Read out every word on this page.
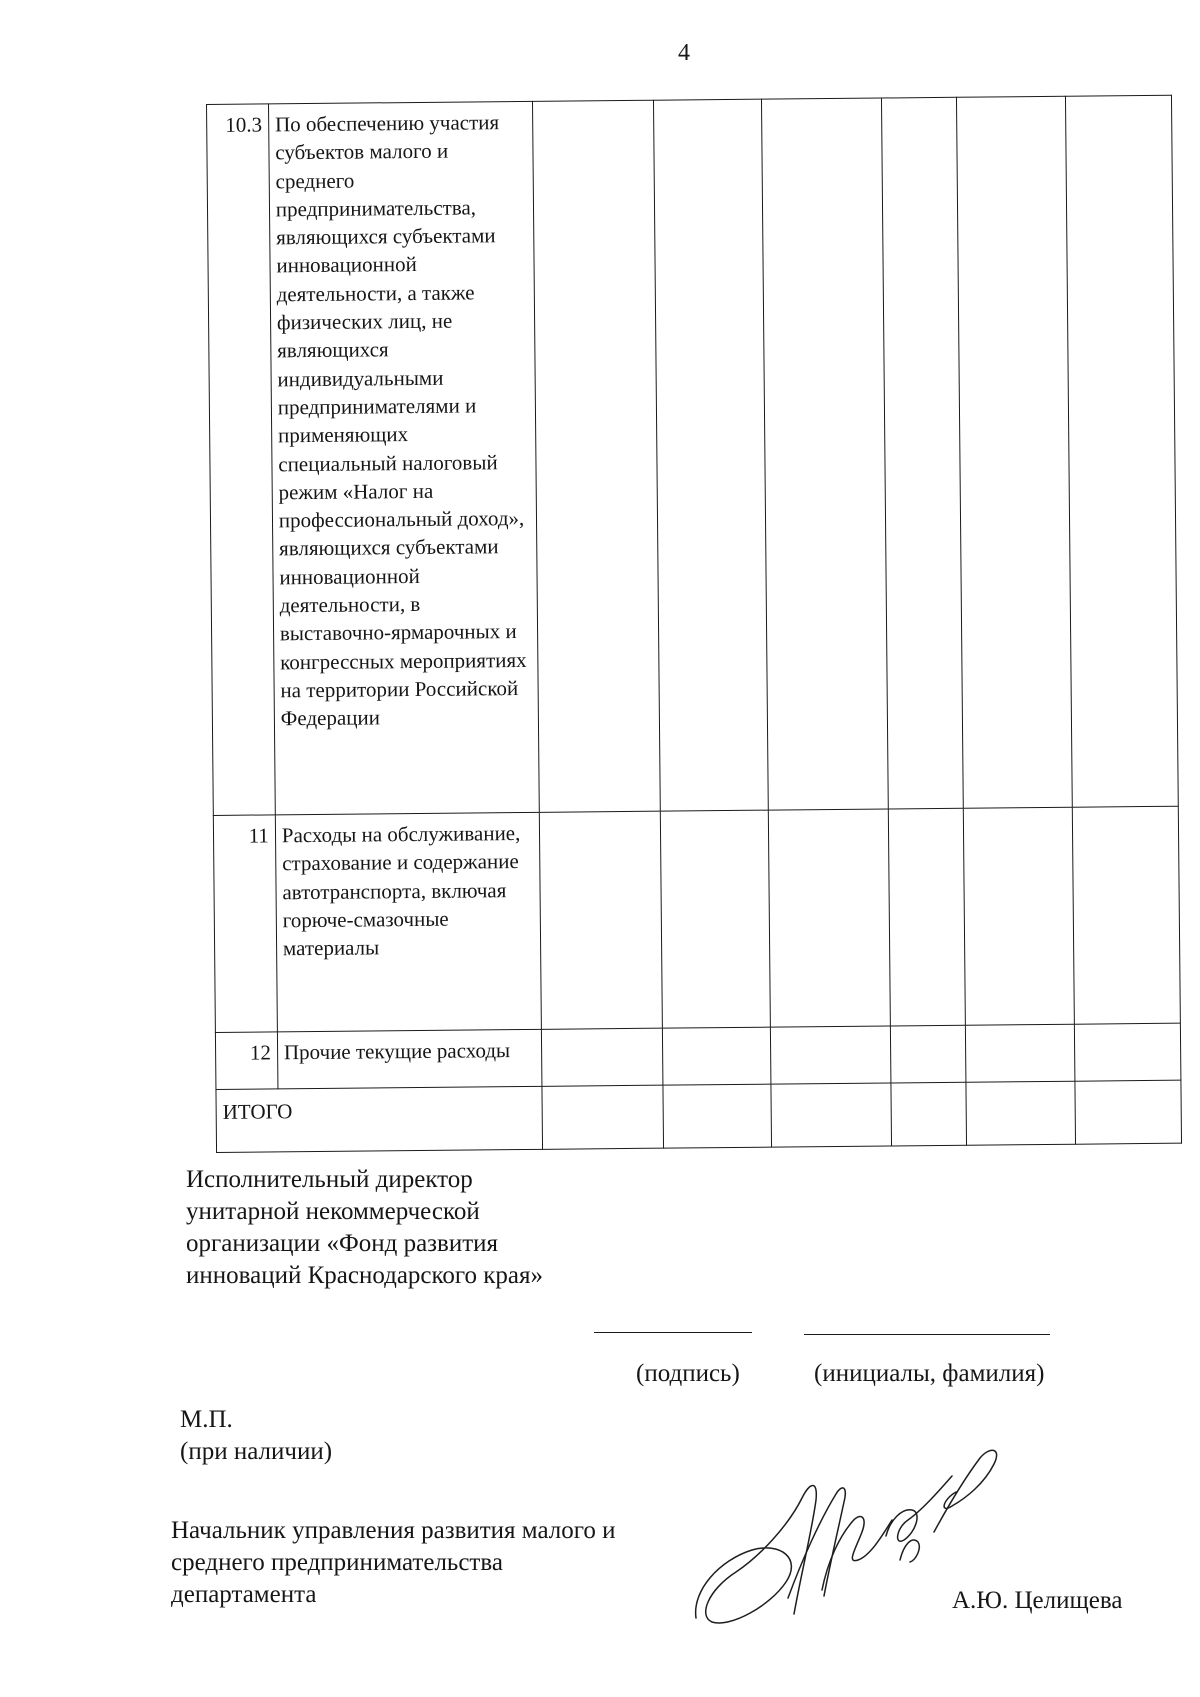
4
10.3	По обеспечению участия субъектов малого и среднего предпринимательства, являющихся субъектами инновационной деятельности, а также физических лиц, не являющихся индивидуальными предпринимателями и применяющих специальный налоговый режим «Налог на профессиональный доход», являющихся субъектами инновационной деятельности, в выставочно-ярмарочных и конгрессных мероприятиях на территории Российской Федерации						
11	Расходы на обслуживание, страхование и содержание автотранспорта, включая горюче-смазочные материалы						
12	Прочие текущие расходы						
ИТОГО							
Исполнительный директор унитарной некоммерческой организации «Фонд развития инноваций Краснодарского края»
(подпись)	(инициалы, фамилия)
М.П.
(при наличии)
Начальник управления развития малого и среднего предпринимательства департамента	А.Ю. Целищева
